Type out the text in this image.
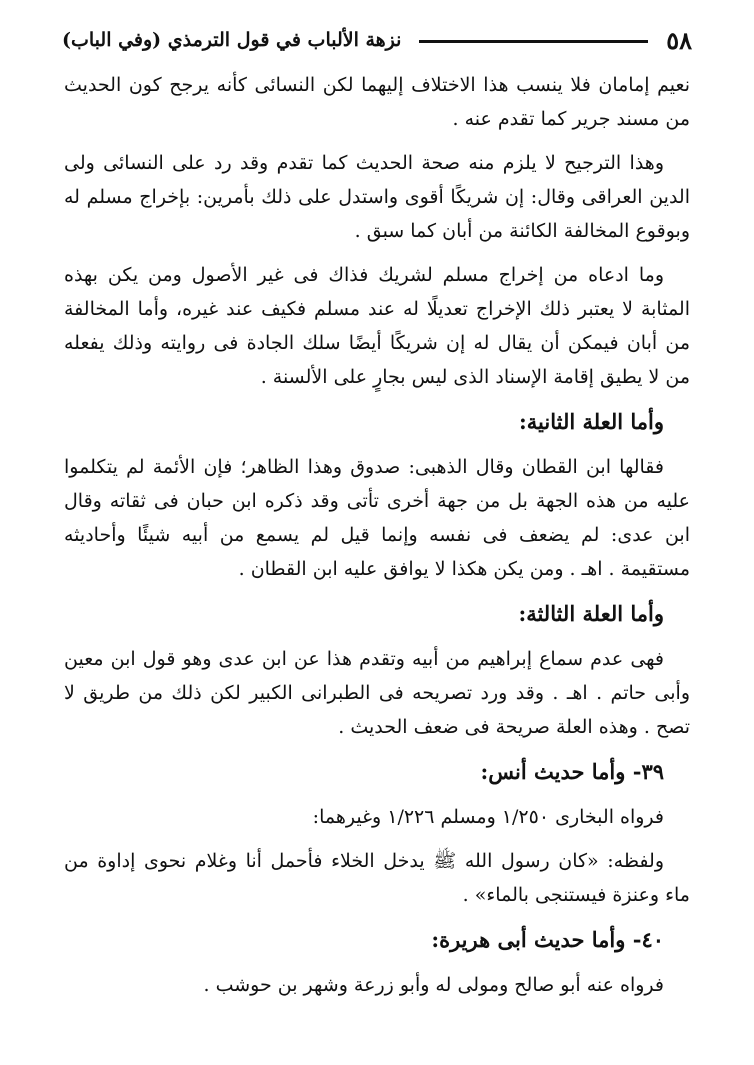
٥٨
نزهة الألباب في قول الترمذي (وفي الباب)

نعيم إمامان فلا ينسب هذا الاختلاف إليهما لكن النسائى كأنه يرجح كون الحديث من مسند جرير كما تقدم عنه .

وهذا الترجيح لا يلزم منه صحة الحديث كما تقدم وقد رد على النسائى ولى الدين العراقى وقال: إن شريكًا أقوى واستدل على ذلك بأمرين: بإخراج مسلم له وبوقوع المخالفة الكائنة من أبان كما سبق .

وما ادعاه من إخراج مسلم لشريك فذاك فى غير الأصول ومن يكن بهذه المثابة لا يعتبر ذلك الإخراج تعديلًا له عند مسلم فكيف عند غيره، وأما المخالفة من أبان فيمكن أن يقال له إن شريكًا أيضًا سلك الجادة فى روايته وذلك يفعله من لا يطيق إقامة الإسناد الذى ليس بجارٍ على الألسنة .

وأما العلة الثانية:

فقالها ابن القطان وقال الذهبى: صدوق وهذا الظاهر؛ فإن الأئمة لم يتكلموا عليه من هذه الجهة بل من جهة أخرى تأتى وقد ذكره ابن حبان فى ثقاته وقال ابن عدى: لم يضعف فى نفسه وإنما قيل لم يسمع من أبيه شيئًا وأحاديثه مستقيمة . اهـ . ومن يكن هكذا لا يوافق عليه ابن القطان .

وأما العلة الثالثة:

فهى عدم سماع إبراهيم من أبيه وتقدم هذا عن ابن عدى وهو قول ابن معين وأبى حاتم . اهـ . وقد ورد تصريحه فى الطبرانى الكبير لكن ذلك من طريق لا تصح . وهذه العلة صريحة فى ضعف الحديث .

٣٩- وأما حديث أنس:

فرواه البخارى ١/٢٥٠ ومسلم ١/٢٢٦ وغيرهما:

ولفظه: «كان رسول الله ﷺ يدخل الخلاء فأحمل أنا وغلام نحوى إداوة من ماء وعنزة فيستنجى بالماء» .

٤٠- وأما حديث أبى هريرة:

فرواه عنه أبو صالح ومولى له وأبو زرعة وشهر بن حوشب .
